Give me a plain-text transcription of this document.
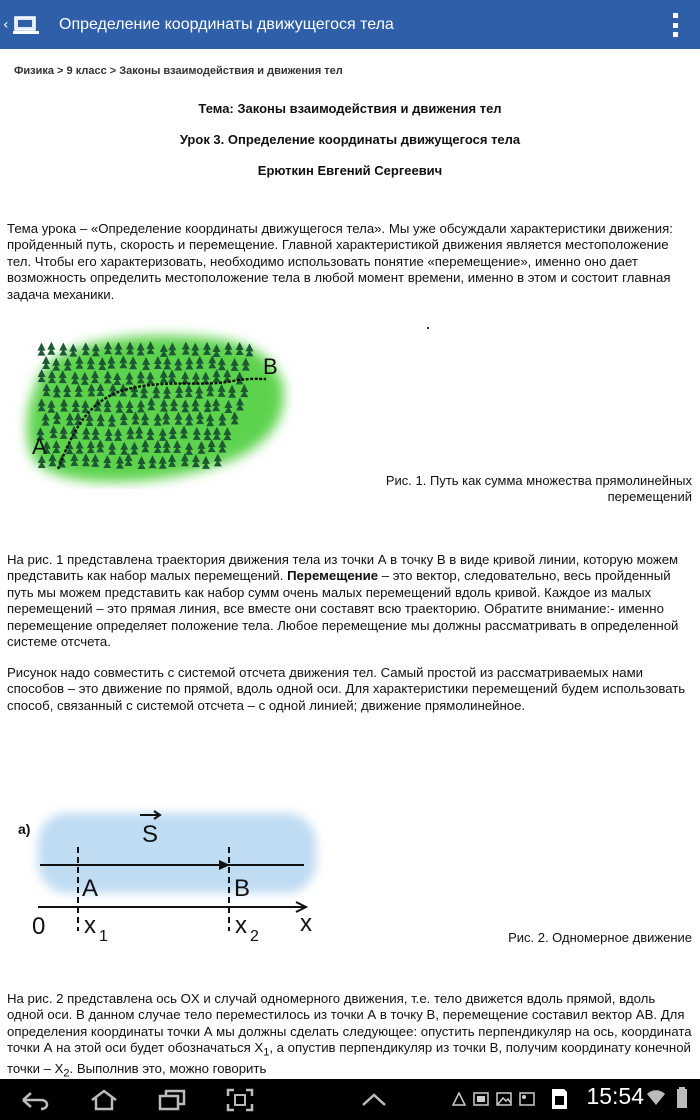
‹	Определение координаты движущегося тела
Физика > 9 класс > Законы взаимодействия и движения тел
Тема: Законы взаимодействия и движения тел
Урок 3. Определение координаты движущегося тела
Ерюткин Евгений Сергеевич
Тема урока – «Определение координаты движущегося тела». Мы уже обсуждали характеристики движения: пройденный путь, скорость и перемещение. Главной характеристикой движения является местоположение тел. Чтобы его характеризовать, необходимо использовать понятие «перемещение», именно оно дает возможность определить местоположение тела в любой момент времени, именно в этом и состоит главная задача механики.
A
B
Рис. 1. Путь как сумма множества прямолинейных
перемещений
На рис. 1 представлена траектория движения тела из точки А в точку В в виде кривой линии, которую можем представить как набор малых перемещений. Перемещение – это вектор, следовательно, весь пройденный путь мы можем представить как набор сумм очень малых перемещений вдоль кривой. Каждое из малых перемещений – это прямая линия, все вместе они составят всю траекторию. Обратите внимание:- именно перемещение определяет положение тела. Любое перемещение мы должны рассматривать в определенной системе отсчета.
Рисунок надо совместить с системой отсчета движения тел. Самый простой из рассматриваемых нами способов – это движение по прямой, вдоль одной оси. Для характеристики перемещений будем использовать способ, связанный с системой отсчета – с одной линией; движение прямолинейное.
a)	S
A	B
0 x 1	x 2 x
Рис. 2. Одномерное движение
На рис. 2 представлена ось OX и случай одномерного движения, т.е. тело движется вдоль прямой, вдоль одной оси. В данном случае тело переместилось из точки А в точку В, перемещение составил вектор АВ. Для определения координаты точки А мы должны сделать следующее: опустить перпендикуляр на ось, координата точки А на этой оси будет обозначаться $Х_1$, а опустив перпендикуляр из точки В, получим координату конечной точки – $Х_2$. Выполнив это, можно говорить
15:54
